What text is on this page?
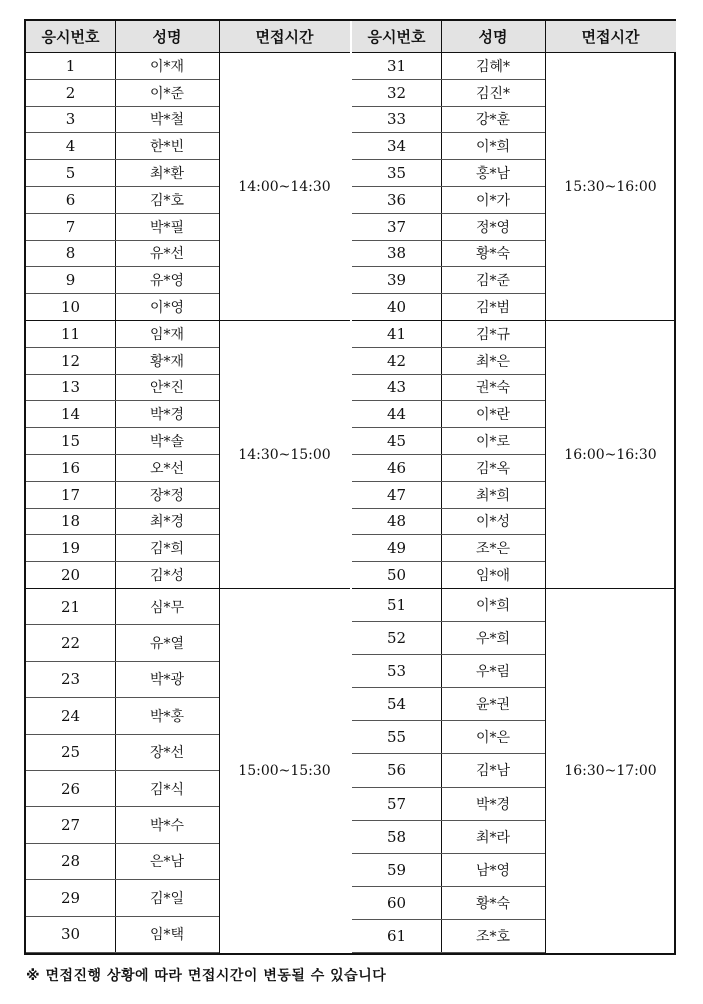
응시번호	성명	면접시간
1	이*재
2	이*준
3	박*철
4	한*빈
5	최*환
6	김*호
7	박*필
8	유*선
9	유*영
10	이*영
14:00~14:30
11	임*재
12	황*재
13	안*진
14	박*경
15	박*솔
16	오*선
17	장*정
18	최*경
19	김*희
20	김*성
14:30~15:00
21	심*무
22	유*열
23	박*광
24	박*홍
25	장*선
26	김*식
27	박*수
28	은*남
29	김*일
30	임*택
15:00~15:30
응시번호	성명	면접시간
31	김혜*
32	김진*
33	강*훈
34	이*희
35	홍*남
36	이*가
37	정*영
38	황*숙
39	김*준
40	김*범
15:30~16:00
41	김*규
42	최*은
43	권*숙
44	이*란
45	이*로
46	김*옥
47	최*희
48	이*성
49	조*은
50	임*애
16:00~16:30
51	이*희
52	우*희
53	우*림
54	윤*권
55	이*은
56	김*남
57	박*경
58	최*라
59	남*영
60	황*숙
61	조*호
16:30~17:00
※ 면접진행 상황에 따라 면접시간이 변동될 수 있습니다
